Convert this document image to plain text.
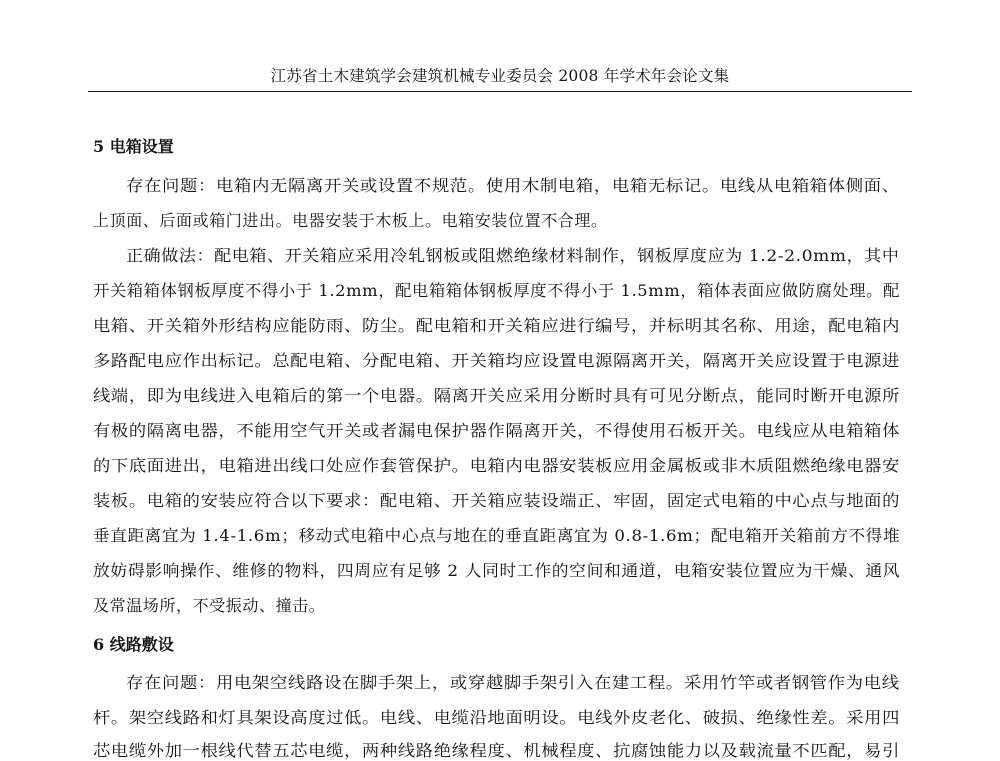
江苏省土木建筑学会建筑机械专业委员会 2008 年学术年会论文集
5 电箱设置
存在问题：电箱内无隔离开关或设置不规范。使用木制电箱，电箱无标记。电线从电箱箱体侧面、
上顶面、后面或箱门进出。电器安装于木板上。电箱安装位置不合理。
正确做法：配电箱、开关箱应采用冷轧钢板或阻燃绝缘材料制作，钢板厚度应为 1.2-2.0mm，其中
开关箱箱体钢板厚度不得小于 1.2mm，配电箱箱体钢板厚度不得小于 1.5mm，箱体表面应做防腐处理。配
电箱、开关箱外形结构应能防雨、防尘。配电箱和开关箱应进行编号，并标明其名称、用途，配电箱内
多路配电应作出标记。总配电箱、分配电箱、开关箱均应设置电源隔离开关，隔离开关应设置于电源进
线端，即为电线进入电箱后的第一个电器。隔离开关应采用分断时具有可见分断点，能同时断开电源所
有极的隔离电器，不能用空气开关或者漏电保护器作隔离开关，不得使用石板开关。电线应从电箱箱体
的下底面进出，电箱进出线口处应作套管保护。电箱内电器安装板应用金属板或非木质阻燃绝缘电器安
装板。电箱的安装应符合以下要求：配电箱、开关箱应装设端正、牢固，固定式电箱的中心点与地面的
垂直距离宜为 1.4-1.6m；移动式电箱中心点与地在的垂直距离宜为 0.8-1.6m；配电箱开关箱前方不得堆
放妨碍影响操作、维修的物料，四周应有足够 2 人同时工作的空间和通道，电箱安装位置应为干燥、通风
及常温场所，不受振动、撞击。
6 线路敷设
存在问题：用电架空线路设在脚手架上，或穿越脚手架引入在建工程。采用竹竿或者钢管作为电线
杆。架空线路和灯具架设高度过低。电线、电缆沿地面明设。电线外皮老化、破损、绝缘性差。采用四
芯电缆外加一根线代替五芯电缆，两种线路绝缘程度、机械程度、抗腐蚀能力以及载流量不匹配，易引
